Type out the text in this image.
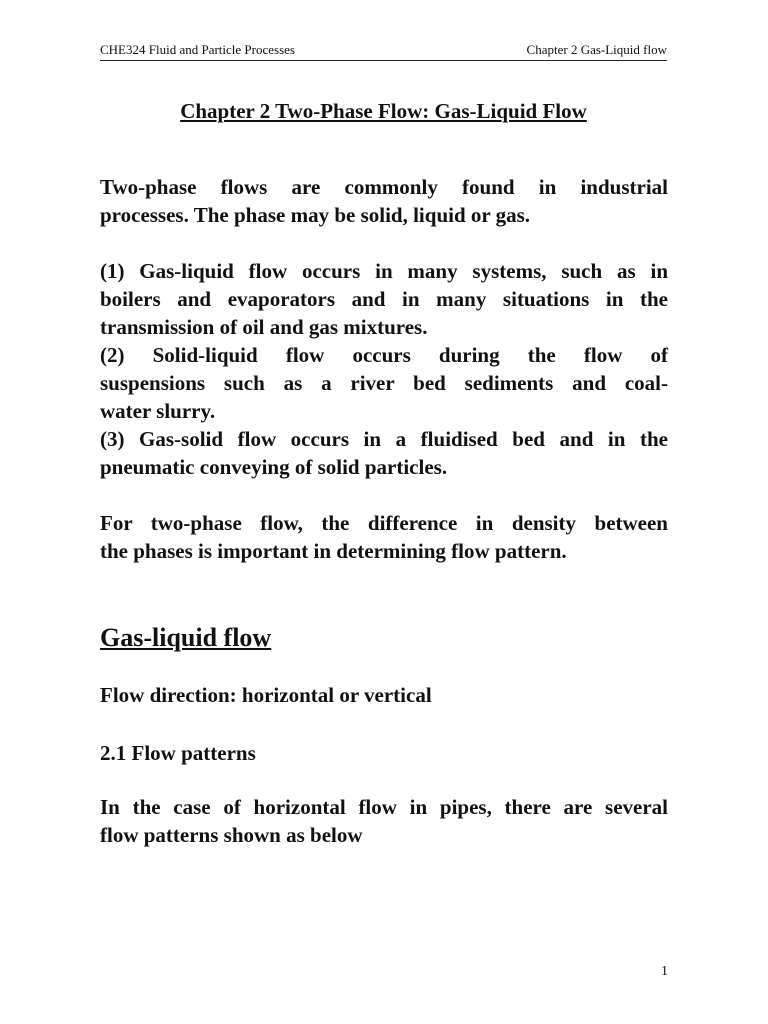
CHE324 Fluid and Particle Processes	Chapter 2 Gas-Liquid flow
Chapter 2 Two-Phase Flow: Gas-Liquid Flow

Two-phase flows are commonly found in industrial
processes. The phase may be solid, liquid or gas.

(1) Gas-liquid flow occurs in many systems, such as in
boilers and evaporators and in many situations in the
transmission of oil and gas mixtures.
(2) Solid-liquid flow occurs during the flow of
suspensions such as a river bed sediments and coal-
water slurry.
(3) Gas-solid flow occurs in a fluidised bed and in the
pneumatic conveying of solid particles.

For two-phase flow, the difference in density between
the phases is important in determining flow pattern.

Gas-liquid flow

Flow direction: horizontal or vertical

2.1 Flow patterns

In the case of horizontal flow in pipes, there are several
flow patterns shown as below

1
